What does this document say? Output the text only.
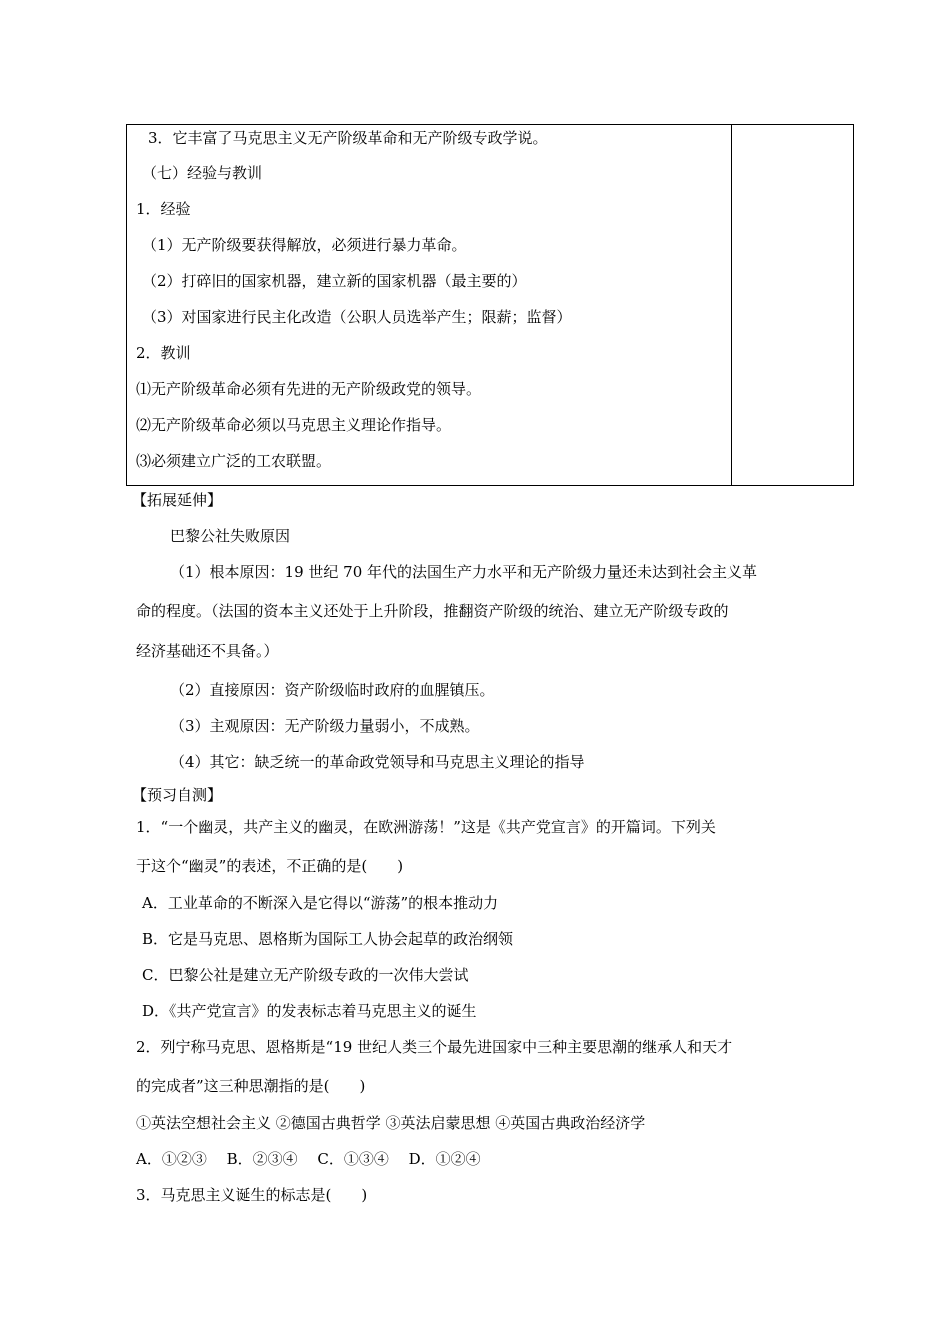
3．它丰富了马克思主义无产阶级革命和无产阶级专政学说。
（七）经验与教训
1．经验
（1）无产阶级要获得解放，必须进行暴力革命。
（2）打碎旧的国家机器，建立新的国家机器（最主要的）
（3）对国家进行民主化改造（公职人员选举产生；限薪；监督）
2．教训
⑴无产阶级革命必须有先进的无产阶级政党的领导。
⑵无产阶级革命必须以马克思主义理论作指导。
⑶必须建立广泛的工农联盟。
【拓展延伸】
巴黎公社失败原因
（1）根本原因：19 世纪 70 年代的法国生产力水平和无产阶级力量还未达到社会主义革
命的程度。（法国的资本主义还处于上升阶段，推翻资产阶级的统治、建立无产阶级专政的
经济基础还不具备。）
（2）直接原因：资产阶级临时政府的血腥镇压。
（3）主观原因：无产阶级力量弱小，不成熟。
（4）其它：缺乏统一的革命政党领导和马克思主义理论的指导
【预习自测】
1．“一个幽灵，共产主义的幽灵，在欧洲游荡！”这是《共产党宣言》的开篇词。下列关
于这个“幽灵”的表述，不正确的是(　　)
A．工业革命的不断深入是它得以“游荡”的根本推动力
B．它是马克思、恩格斯为国际工人协会起草的政治纲领
C．巴黎公社是建立无产阶级专政的一次伟大尝试
D．《共产党宣言》的发表标志着马克思主义的诞生
2．列宁称马克思、恩格斯是“19 世纪人类三个最先进国家中三种主要思潮的继承人和天才
的完成者”这三种思潮指的是(　　)
①英法空想社会主义 ②德国古典哲学 ③英法启蒙思想 ④英国古典政治经济学
A．①②③　 B．②③④　 C．①③④　 D．①②④
3．马克思主义诞生的标志是(　　)
